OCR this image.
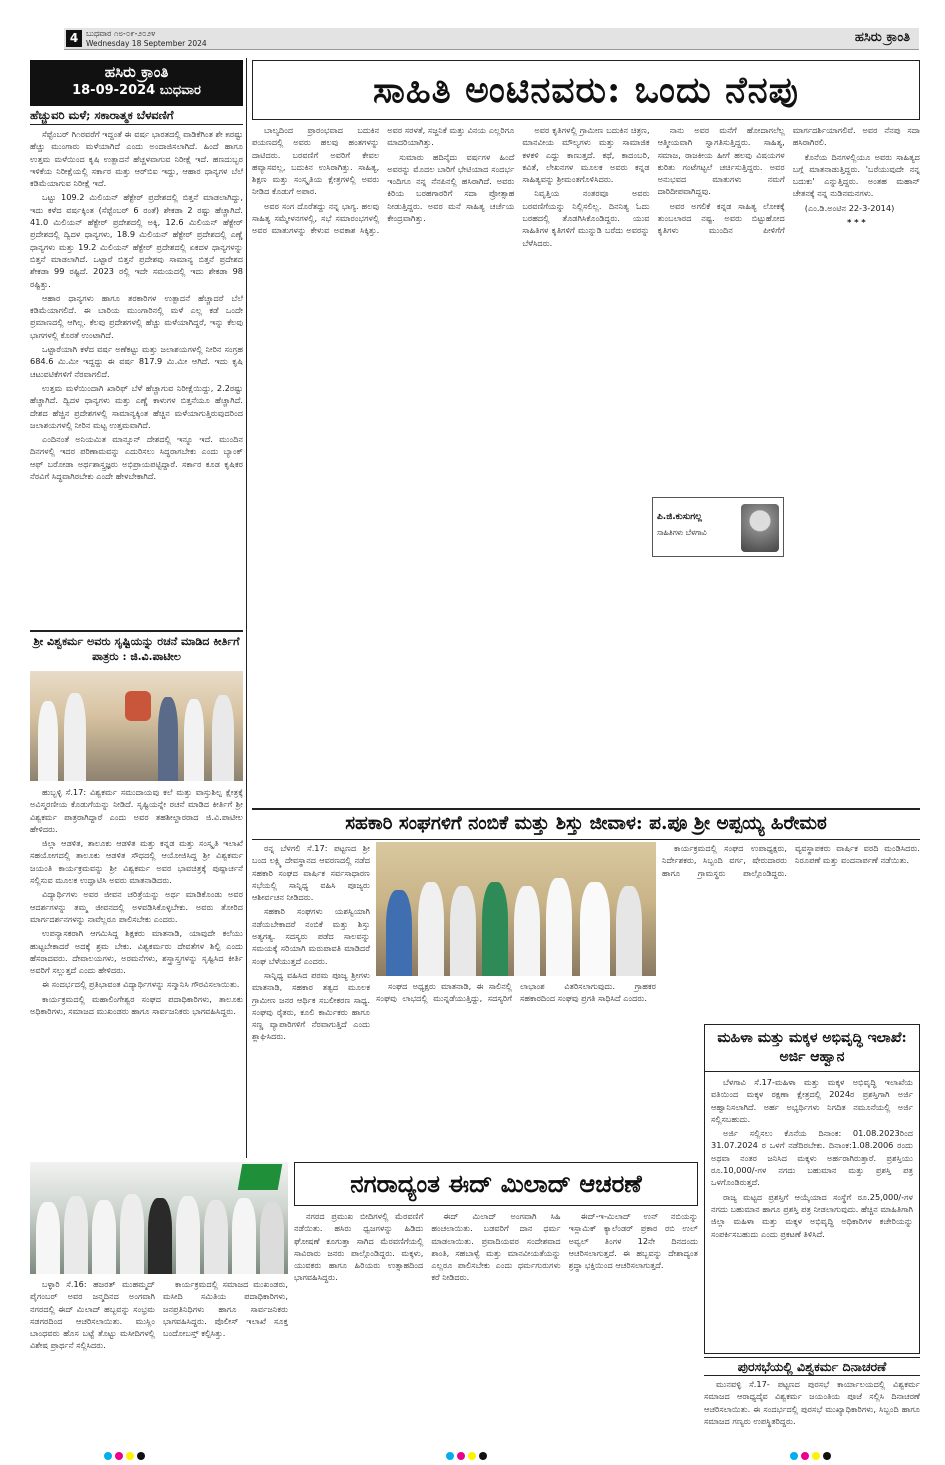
4 ಬುಧವಾರ ೧೮-೦೯-೨೦೨೪
Wednesday 18 September 2024	ಹಸಿರು ಕ್ರಾಂತಿ
ಹಸಿರು ಕ್ರಾಂತಿ
18-09-2024 ಬುಧವಾರ
ಹೆಚ್ಚುವರಿ ಮಳೆ; ಸಕಾರಾತ್ಮಕ ಬೆಳವಣಿಗೆ

ಸೆಪ್ಟೆಂಬರ್ ಗಿ೧ರವರೆಗೆ ಇದ್ದಂತೆ ಈ ವರ್ಷ ಭಾರತದಲ್ಲಿ ವಾಡಿಕೆಗಿಂತ ಶೇ ೫ರಷ್ಟು ಹೆಚ್ಚು ಮುಂಗಾರು ಮಳೆಯಾಗಿದೆ ಎಂದು ಅಂದಾಜಿಸಲಾಗಿದೆ. ಹಿಂದೆ ಹಾಗೂ ಉತ್ತಮ ಮಳೆಯಿಂದ ಕೃಷಿ ಉತ್ಪಾದನೆ ಹೆಚ್ಚಳವಾಗುವ ನಿರೀಕ್ಷೆ ಇದೆ. ಹಣದುಬ್ಬರ ಇಳಿಕೆಯ ನಿರೀಕ್ಷೆಯಲ್ಲಿ ಸರ್ಕಾರ ಮತ್ತು ಆರ್‌ಬಿಐ ಇದ್ದು, ಆಹಾರ ಧಾನ್ಯಗಳ ಬೆಲೆ ಕಡಿಮೆಯಾಗುವ ನಿರೀಕ್ಷೆ ಇದೆ.

ಒಟ್ಟು 109.2 ಮಿಲಿಯನ್ ಹೆಕ್ಟೇರ್ ಪ್ರದೇಶದಲ್ಲಿ ಬಿತ್ತನೆ ಮಾಡಲಾಗಿದ್ದು, ಇದು ಕಳೆದ ವರ್ಷಕ್ಕಿಂತ (ಸೆಪ್ಟೆಂಬರ್ 6 ರಂತೆ) ಶೇಕಡಾ 2 ರಷ್ಟು ಹೆಚ್ಚಾಗಿದೆ. 41.0 ಮಿಲಿಯನ್ ಹೆಕ್ಟೇರ್ ಪ್ರದೇಶದಲ್ಲಿ ಅಕ್ಕಿ, 12.6 ಮಿಲಿಯನ್ ಹೆಕ್ಟೇರ್ ಪ್ರದೇಶದಲ್ಲಿ ದ್ವಿದಳ ಧಾನ್ಯಗಳು, 18.9 ಮಿಲಿಯನ್ ಹೆಕ್ಟೇರ್ ಪ್ರದೇಶದಲ್ಲಿ ಎಣ್ಣೆ ಧಾನ್ಯಗಳು ಮತ್ತು 19.2 ಮಿಲಿಯನ್ ಹೆಕ್ಟೇರ್ ಪ್ರದೇಶದಲ್ಲಿ ಏಕದಳ ಧಾನ್ಯಗಳನ್ನು ಬಿತ್ತನೆ ಮಾಡಲಾಗಿದೆ. ಒಟ್ಟಾರೆ ಬಿತ್ತನೆ ಪ್ರದೇಶವು ಸಾಮಾನ್ಯ ಬಿತ್ತನೆ ಪ್ರದೇಶದ ಶೇಕಡಾ 99 ರಷ್ಟಿದೆ. 2023 ರಲ್ಲಿ ಇದೇ ಸಮಯದಲ್ಲಿ ಇದು ಶೇಕಡಾ 98 ರಷ್ಟಿತ್ತು.

ಆಹಾರ ಧಾನ್ಯಗಳು ಹಾಗೂ ತರಕಾರಿಗಳ ಉತ್ಪಾದನೆ ಹೆಚ್ಚಾದರೆ ಬೆಲೆ ಕಡಿಮೆಯಾಗಲಿದೆ. ಈ ಬಾರಿಯ ಮುಂಗಾರಿನಲ್ಲಿ ಮಳೆ ಎಲ್ಲ ಕಡೆ ಒಂದೇ ಪ್ರಮಾಣದಲ್ಲಿ ಆಗಿಲ್ಲ. ಕೆಲವು ಪ್ರದೇಶಗಳಲ್ಲಿ ಹೆಚ್ಚು ಮಳೆಯಾಗಿದ್ದರೆ, ಇನ್ನು ಕೆಲವು ಭಾಗಗಳಲ್ಲಿ ಕೊರತೆ ಉಂಟಾಗಿದೆ.

ಒಟ್ಟಾರೆಯಾಗಿ ಕಳೆದ ವರ್ಷ ಅಣೆಕಟ್ಟು ಮತ್ತು ಜಲಾಶಯಗಳಲ್ಲಿ ನೀರಿನ ಸಂಗ್ರಹ 684.6 ಮಿ.ಮೀ ಇದ್ದದ್ದು ಈ ವರ್ಷ 817.9 ಮಿ.ಮೀ ಆಗಿದೆ. ಇದು ಕೃಷಿ ಚಟುವಟಿಕೆಗಳಿಗೆ ನೆರವಾಗಲಿದೆ.

ಉತ್ತಮ ಮಳೆಯಿಂದಾಗಿ ಖಾರಿಫ್ ಬೆಳೆ ಹೆಚ್ಚಾಗುವ ನಿರೀಕ್ಷೆಯಿದ್ದು, 2.2ರಷ್ಟು ಹೆಚ್ಚಾಗಿದೆ. ದ್ವಿದಳ ಧಾನ್ಯಗಳು ಮತ್ತು ಎಣ್ಣೆ ಕಾಳುಗಳ ಬಿತ್ತನೆಯೂ ಹೆಚ್ಚಾಗಿದೆ. ದೇಶದ ಹೆಚ್ಚಿನ ಪ್ರದೇಶಗಳಲ್ಲಿ ಸಾಮಾನ್ಯಕ್ಕಿಂತ ಹೆಚ್ಚಿನ ಮಳೆಯಾಗುತ್ತಿರುವುದರಿಂದ ಜಲಾಶಯಗಳಲ್ಲಿ ನೀರಿನ ಮಟ್ಟ ಉತ್ತಮವಾಗಿದೆ.

ಎಂದಿನಂತೆ ಅನಿಯಮಿತ ಮಾನ್ಸೂನ್ ದೇಶದಲ್ಲಿ ಇನ್ನೂ ಇದೆ. ಮುಂದಿನ ದಿನಗಳಲ್ಲಿ ಇದರ ಪರಿಣಾಮವನ್ನು ಎದುರಿಸಲು ಸಿದ್ಧರಾಗಬೇಕು ಎಂದು ಬ್ಯಾಂಕ್ ಆಫ್ ಬರೋಡಾ ಅರ್ಥಶಾಸ್ತ್ರಜ್ಞರು ಅಭಿಪ್ರಾಯಪಟ್ಟಿದ್ದಾರೆ. ಸರ್ಕಾರ ಕೂಡ ಕೃಷಿಕರ ನೆರವಿಗೆ ಸಿದ್ಧವಾಗಿರಬೇಕು ಎಂದೇ ಹೇಳಬೇಕಾಗಿದೆ.

ಶ್ರೀ ವಿಶ್ವಕರ್ಮ ಅವರು ಸೃಷ್ಟಿಯನ್ನು ರಚನೆ ಮಾಡಿದ ಕೀರ್ತಿಗೆ ಪಾತ್ರರು : ಜಿ.ವಿ.ಪಾಟೀಲ

ಹುಬ್ಬಳ್ಳಿ ಸೆ.17: ವಿಶ್ವಕರ್ಮ ಸಮುದಾಯವು ಕಲೆ ಮತ್ತು ವಾಸ್ತುಶಿಲ್ಪ ಕ್ಷೇತ್ರಕ್ಕೆ ಅವಿಸ್ಮರಣೀಯ ಕೊಡುಗೆಯನ್ನು ನೀಡಿದೆ. ಸೃಷ್ಟಿಯನ್ನೇ ರಚನೆ ಮಾಡಿದ ಕೀರ್ತಿಗೆ ಶ್ರೀ ವಿಶ್ವಕರ್ಮ ಪಾತ್ರರಾಗಿದ್ದಾರೆ ಎಂದು ಅವರ ತಹಶೀಲ್ದಾರರಾದ ಜಿ.ವಿ.ಪಾಟೀಲ ಹೇಳಿದರು.

ಜಿಲ್ಲಾ ಆಡಳಿತ, ತಾಲೂಕು ಆಡಳಿತ ಮತ್ತು ಕನ್ನಡ ಮತ್ತು ಸಂಸ್ಕೃತಿ ಇಲಾಖೆ ಸಹಯೋಗದಲ್ಲಿ ತಾಲೂಕು ಆಡಳಿತ ಸೌಧದಲ್ಲಿ ಆಯೋಜಿಸಿದ್ದ ಶ್ರೀ ವಿಶ್ವಕರ್ಮ ಜಯಂತಿ ಕಾರ್ಯಕ್ರಮವನ್ನು ಶ್ರೀ ವಿಶ್ವಕರ್ಮ ಅವರ ಭಾವಚಿತ್ರಕ್ಕೆ ಪುಷ್ಪಾರ್ಚನೆ ಸಲ್ಲಿಸುವ ಮೂಲಕ ಉದ್ಘಾಟಿಸಿ ಅವರು ಮಾತನಾಡಿದರು.

ವಿದ್ಯಾರ್ಥಿಗಳು ಅವರ ಜೀವನ ಚರಿತ್ರೆಯನ್ನು ಅರ್ಥ ಮಾಡಿಕೊಂಡು ಅವರ ಆದರ್ಶಗಳನ್ನು ತಮ್ಮ ಜೀವನದಲ್ಲಿ ಅಳವಡಿಸಿಕೊಳ್ಳಬೇಕು. ಅವರು ತೋರಿದ ಮಾರ್ಗದರ್ಶನಗಳನ್ನು ನಾವೆಲ್ಲರೂ ಪಾಲಿಸಬೇಕು ಎಂದರು.

ಉಪನ್ಯಾಸಕರಾಗಿ ಆಗಮಿಸಿದ್ದ ಶಿಕ್ಷಕರು ಮಾತನಾಡಿ, ಯಾವುದೇ ಕಲೆಯು ಹುಟ್ಟಬೇಕಾದರೆ ಅದಕ್ಕೆ ಶ್ರಮ ಬೇಕು. ವಿಶ್ವಕರ್ಮರು ದೇವತೆಗಳ ಶಿಲ್ಪಿ ಎಂದು ಹೆಸರಾದವರು. ದೇವಾಲಯಗಳು, ಅರಮನೆಗಳು, ಶಸ್ತ್ರಾಸ್ತ್ರಗಳನ್ನು ಸೃಷ್ಟಿಸಿದ ಕೀರ್ತಿ ಅವರಿಗೆ ಸಲ್ಲುತ್ತದೆ ಎಂದು ಹೇಳಿದರು.

ಈ ಸಂದರ್ಭದಲ್ಲಿ ಪ್ರತಿಭಾವಂತ ವಿದ್ಯಾರ್ಥಿಗಳನ್ನು ಸನ್ಮಾನಿಸಿ ಗೌರವಿಸಲಾಯಿತು.

ಕಾರ್ಯಕ್ರಮದಲ್ಲಿ ಮಹಾಲಿಂಗೇಶ್ವರ ಸಂಘದ ಪದಾಧಿಕಾರಿಗಳು, ತಾಲೂಕು ಅಧಿಕಾರಿಗಳು, ಸಮಾಜದ ಮುಖಂಡರು ಹಾಗೂ ಸಾರ್ವಜನಿಕರು ಭಾಗವಹಿಸಿದ್ದರು.

ಸಾಹಿತಿ ಅಂಟಿನವರು: ಒಂದು ನೆನಪು

ಬಾಲ್ಯದಿಂದ ಪ್ರಾರಂಭವಾದ ಬದುಕಿನ ಪಯಣದಲ್ಲಿ ಅವರು ಹಲವು ಹಂತಗಳನ್ನು ದಾಟಿದರು. ಬರವಣಿಗೆ ಅವರಿಗೆ ಕೇವಲ ಹವ್ಯಾಸವಲ್ಲ, ಬದುಕಿನ ಉಸಿರಾಗಿತ್ತು. ಸಾಹಿತ್ಯ, ಶಿಕ್ಷಣ ಮತ್ತು ಸಂಸ್ಕೃತಿಯ ಕ್ಷೇತ್ರಗಳಲ್ಲಿ ಅವರು ನೀಡಿದ ಕೊಡುಗೆ ಅಪಾರ.

ಅವರ ಸಂಗ ದೊರೆತದ್ದು ನನ್ನ ಭಾಗ್ಯ. ಹಲವು ಸಾಹಿತ್ಯ ಸಮ್ಮೇಳನಗಳಲ್ಲಿ, ಸಭೆ ಸಮಾರಂಭಗಳಲ್ಲಿ ಅವರ ಮಾತುಗಳನ್ನು ಕೇಳುವ ಅವಕಾಶ ಸಿಕ್ಕಿತ್ತು. ಅವರ ಸರಳತೆ, ಸಜ್ಜನಿಕೆ ಮತ್ತು ವಿನಯ ಎಲ್ಲರಿಗೂ ಮಾದರಿಯಾಗಿತ್ತು.

ಸುಮಾರು ಹದಿನೈದು ವರ್ಷಗಳ ಹಿಂದೆ ಅವರನ್ನು ಮೊದಲ ಬಾರಿಗೆ ಭೇಟಿಯಾದ ಸಂದರ್ಭ ಇಂದಿಗೂ ನನ್ನ ನೆನಪಿನಲ್ಲಿ ಹಸಿರಾಗಿದೆ. ಅವರು ಕಿರಿಯ ಬರಹಗಾರರಿಗೆ ಸದಾ ಪ್ರೋತ್ಸಾಹ ನೀಡುತ್ತಿದ್ದರು. ಅವರ ಮನೆ ಸಾಹಿತ್ಯ ಚರ್ಚೆಯ ಕೇಂದ್ರವಾಗಿತ್ತು.

ಅವರ ಕೃತಿಗಳಲ್ಲಿ ಗ್ರಾಮೀಣ ಬದುಕಿನ ಚಿತ್ರಣ, ಮಾನವೀಯ ಮೌಲ್ಯಗಳು ಮತ್ತು ಸಾಮಾಜಿಕ ಕಳಕಳಿ ಎದ್ದು ಕಾಣುತ್ತದೆ. ಕಥೆ, ಕಾದಂಬರಿ, ಕವಿತೆ, ಲೇಖನಗಳ ಮೂಲಕ ಅವರು ಕನ್ನಡ ಸಾಹಿತ್ಯವನ್ನು ಶ್ರೀಮಂತಗೊಳಿಸಿದರು.

ನಿವೃತ್ತಿಯ ನಂತರವೂ ಅವರು ಬರವಣಿಗೆಯನ್ನು ನಿಲ್ಲಿಸಲಿಲ್ಲ. ದಿನನಿತ್ಯ ಓದು ಬರಹದಲ್ಲಿ ತೊಡಗಿಸಿಕೊಂಡಿದ್ದರು. ಯುವ ಸಾಹಿತಿಗಳ ಕೃತಿಗಳಿಗೆ ಮುನ್ನುಡಿ ಬರೆದು ಅವರನ್ನು ಬೆಳೆಸಿದರು.

ನಾನು ಅವರ ಮನೆಗೆ ಹೋದಾಗಲೆಲ್ಲ ಆತ್ಮೀಯವಾಗಿ ಸ್ವಾಗತಿಸುತ್ತಿದ್ದರು. ಸಾಹಿತ್ಯ, ಸಮಾಜ, ರಾಜಕೀಯ ಹೀಗೆ ಹಲವು ವಿಷಯಗಳ ಕುರಿತು ಗಂಟೆಗಟ್ಟಲೆ ಚರ್ಚಿಸುತ್ತಿದ್ದರು. ಅವರ ಅನುಭವದ ಮಾತುಗಳು ನಮಗೆ ದಾರಿದೀಪವಾಗಿದ್ದವು.

ಅವರ ಅಗಲಿಕೆ ಕನ್ನಡ ಸಾಹಿತ್ಯ ಲೋಕಕ್ಕೆ ತುಂಬಲಾರದ ನಷ್ಟ. ಅವರು ಬಿಟ್ಟುಹೋದ ಕೃತಿಗಳು ಮುಂದಿನ ಪೀಳಿಗೆಗೆ ಮಾರ್ಗದರ್ಶಿಯಾಗಲಿವೆ. ಅವರ ನೆನಪು ಸದಾ ಹಸಿರಾಗಿರಲಿ.

ಕೊನೆಯ ದಿನಗಳಲ್ಲಿಯೂ ಅವರು ಸಾಹಿತ್ಯದ ಬಗ್ಗೆ ಮಾತನಾಡುತ್ತಿದ್ದರು. 'ಬರೆಯುವುದೇ ನನ್ನ ಬದುಕು' ಎನ್ನುತ್ತಿದ್ದರು. ಅಂತಹ ಮಹಾನ್ ಚೇತನಕ್ಕೆ ನನ್ನ ನುಡಿನಮನಗಳು.

(ಎಂ.ಡಿ.ಅಂಟಿನ 22-3-2014)

* * *
ಪಿ.ಜಿ.ಕುಸುಗಲ್ಲ
ಸಾಹಿತಿಗಳು ಬೆಳಗಾವಿ
ಸಹಕಾರಿ ಸಂಘಗಳಿಗೆ ನಂಬಿಕೆ ಮತ್ತು ಶಿಸ್ತು ಜೀವಾಳ: ಪ.ಪೂ ಶ್ರೀ ಅಪ್ಪಯ್ಯ ಹಿರೇಮಠ

ರನ್ನ ಬೆಳಗಲಿ ಸೆ.17: ಪಟ್ಟಣದ ಶ್ರೀ ಬಂದ ಲಕ್ಷ್ಮಿ ದೇವಸ್ಥಾನದ ಆವರಣದಲ್ಲಿ ನಡೆದ ಸಹಕಾರಿ ಸಂಘದ ವಾರ್ಷಿಕ ಸರ್ವಸಾಧಾರಣ ಸಭೆಯಲ್ಲಿ ಸಾನ್ನಿಧ್ಯ ವಹಿಸಿ ಪೂಜ್ಯರು ಆಶೀರ್ವಚನ ನೀಡಿದರು.

ಸಹಕಾರಿ ಸಂಘಗಳು ಯಶಸ್ವಿಯಾಗಿ ನಡೆಯಬೇಕಾದರೆ ನಂಬಿಕೆ ಮತ್ತು ಶಿಸ್ತು ಅತ್ಯಗತ್ಯ. ಸದಸ್ಯರು ಪಡೆದ ಸಾಲವನ್ನು ಸಮಯಕ್ಕೆ ಸರಿಯಾಗಿ ಮರುಪಾವತಿ ಮಾಡಿದರೆ ಸಂಘ ಬೆಳೆಯುತ್ತದೆ ಎಂದರು.

ಸಾನ್ನಿಧ್ಯ ವಹಿಸಿದ ಪರಮ ಪೂಜ್ಯ ಶ್ರೀಗಳು ಮಾತನಾಡಿ, ಸಹಕಾರ ತತ್ವದ ಮೂಲಕ ಗ್ರಾಮೀಣ ಜನರ ಆರ್ಥಿಕ ಸಬಲೀಕರಣ ಸಾಧ್ಯ. ಸಂಘವು ರೈತರು, ಕೂಲಿ ಕಾರ್ಮಿಕರು ಹಾಗೂ ಸಣ್ಣ ವ್ಯಾಪಾರಿಗಳಿಗೆ ನೆರವಾಗುತ್ತಿದೆ ಎಂದು ಶ್ಲಾಘಿಸಿದರು.

ಸಂಘದ ಅಧ್ಯಕ್ಷರು ಮಾತನಾಡಿ, ಈ ಸಾಲಿನಲ್ಲಿ ಸಂಘವು ಲಾಭದಲ್ಲಿ ಮುನ್ನಡೆಯುತ್ತಿದ್ದು, ಸದಸ್ಯರಿಗೆ ಲಾಭಾಂಶ ವಿತರಿಸಲಾಗುವುದು. ಗ್ರಾಹಕರ ಸಹಕಾರದಿಂದ ಸಂಘವು ಪ್ರಗತಿ ಸಾಧಿಸಿದೆ ಎಂದರು.

ಕಾರ್ಯಕ್ರಮದಲ್ಲಿ ಸಂಘದ ಉಪಾಧ್ಯಕ್ಷರು, ನಿರ್ದೇಶಕರು, ಸಿಬ್ಬಂದಿ ವರ್ಗ, ಷೇರುದಾರರು ಹಾಗೂ ಗ್ರಾಮಸ್ಥರು ಪಾಲ್ಗೊಂಡಿದ್ದರು. ವ್ಯವಸ್ಥಾಪಕರು ವಾರ್ಷಿಕ ವರದಿ ಮಂಡಿಸಿದರು. ನಿರೂಪಣೆ ಮತ್ತು ವಂದನಾರ್ಪಣೆ ನಡೆಯಿತು.

ಮಹಿಳಾ ಮತ್ತು ಮಕ್ಕಳ ಅಭಿವೃದ್ಧಿ ಇಲಾಖೆ: ಅರ್ಜಿ ಆಹ್ವಾನ

ಬೆಳಗಾವಿ ಸೆ.17-ಮಹಿಳಾ ಮತ್ತು ಮಕ್ಕಳ ಅಭಿವೃದ್ಧಿ ಇಲಾಖೆಯ ವತಿಯಿಂದ ಮಕ್ಕಳ ರಕ್ಷಣಾ ಕ್ಷೇತ್ರದಲ್ಲಿ 2024ರ ಪ್ರಶಸ್ತಿಗಾಗಿ ಅರ್ಜಿ ಆಹ್ವಾನಿಸಲಾಗಿದೆ. ಅರ್ಹ ಅಭ್ಯರ್ಥಿಗಳು ನಿಗದಿತ ನಮೂನೆಯಲ್ಲಿ ಅರ್ಜಿ ಸಲ್ಲಿಸಬಹುದು.

ಅರ್ಜಿ ಸಲ್ಲಿಸಲು ಕೊನೆಯ ದಿನಾಂಕ: 01.08.2023ರಿಂದ 31.07.2024 ರ ಒಳಗೆ ನಡೆದಿರಬೇಕು. ದಿನಾಂಕ:1.08.2006 ರಂದು ಅಥವಾ ನಂತರ ಜನಿಸಿದ ಮಕ್ಕಳು ಅರ್ಹರಾಗಿರುತ್ತಾರೆ. ಪ್ರಶಸ್ತಿಯು ರೂ.10,000/-ಗಳ ನಗದು ಬಹುಮಾನ ಮತ್ತು ಪ್ರಶಸ್ತಿ ಪತ್ರ ಒಳಗೊಂಡಿರುತ್ತದೆ.

ರಾಜ್ಯ ಮಟ್ಟದ ಪ್ರಶಸ್ತಿಗೆ ಆಯ್ಕೆಯಾದ ಸಂಸ್ಥೆಗೆ ರೂ.25,000/-ಗಳ ನಗದು ಬಹುಮಾನ ಹಾಗೂ ಪ್ರಶಸ್ತಿ ಪತ್ರ ನೀಡಲಾಗುವುದು. ಹೆಚ್ಚಿನ ಮಾಹಿತಿಗಾಗಿ ಜಿಲ್ಲಾ ಮಹಿಳಾ ಮತ್ತು ಮಕ್ಕಳ ಅಭಿವೃದ್ಧಿ ಅಧಿಕಾರಿಗಳ ಕಚೇರಿಯನ್ನು ಸಂಪರ್ಕಿಸಬಹುದು ಎಂದು ಪ್ರಕಟಣೆ ತಿಳಿಸಿದೆ.

ಪುರಸಭೆಯಲ್ಲಿ ವಿಶ್ವಕರ್ಮ ದಿನಾಚರಣೆ

ಮುನವಳ್ಳಿ ಸೆ.17- ಪಟ್ಟಣದ ಪುರಸಭೆ ಕಾರ್ಯಾಲಯದಲ್ಲಿ ವಿಶ್ವಕರ್ಮ ಸಮಾಜದ ಆರಾಧ್ಯದೈವ ವಿಶ್ವಕರ್ಮ ಜಯಂತಿಯ ಪೂಜೆ ಸಲ್ಲಿಸಿ ದಿನಾಚರಣೆ ಆಚರಿಸಲಾಯಿತು. ಈ ಸಂದರ್ಭದಲ್ಲಿ ಪುರಸಭೆ ಮುಖ್ಯಾಧಿಕಾರಿಗಳು, ಸಿಬ್ಬಂದಿ ಹಾಗೂ ಸಮಾಜದ ಗಣ್ಯರು ಉಪಸ್ಥಿತರಿದ್ದರು.

ನಗರಾದ್ಯಂತ ಈದ್ ಮಿಲಾದ್ ಆಚರಣೆ

ಬಳ್ಳಾರಿ ಸೆ.16: ಹಜರತ್ ಮುಹಮ್ಮದ್ ಪೈಗಂಬರ್ ಅವರ ಜನ್ಮದಿನದ ಅಂಗವಾಗಿ ನಗರದಲ್ಲಿ ಈದ್ ಮಿಲಾದ್ ಹಬ್ಬವನ್ನು ಸಂಭ್ರಮ ಸಡಗರದಿಂದ ಆಚರಿಸಲಾಯಿತು. ಮುಸ್ಲಿಂ ಬಾಂಧವರು ಹೊಸ ಬಟ್ಟೆ ತೊಟ್ಟು ಮಸೀದಿಗಳಲ್ಲಿ ವಿಶೇಷ ಪ್ರಾರ್ಥನೆ ಸಲ್ಲಿಸಿದರು.

ಕಾರ್ಯಕ್ರಮದಲ್ಲಿ ಸಮಾಜದ ಮುಖಂಡರು, ಮಸೀದಿ ಸಮಿತಿಯ ಪದಾಧಿಕಾರಿಗಳು, ಜನಪ್ರತಿನಿಧಿಗಳು ಹಾಗೂ ಸಾರ್ವಜನಿಕರು ಭಾಗವಹಿಸಿದ್ದರು. ಪೊಲೀಸ್ ಇಲಾಖೆ ಸೂಕ್ತ ಬಂದೋಬಸ್ತ್ ಕಲ್ಪಿಸಿತ್ತು.

ನಗರದ ಪ್ರಮುಖ ಬೀದಿಗಳಲ್ಲಿ ಮೆರವಣಿಗೆ ನಡೆಯಿತು. ಹಸಿರು ಧ್ವಜಗಳನ್ನು ಹಿಡಿದು ಘೋಷಣೆ ಕೂಗುತ್ತಾ ಸಾಗಿದ ಮೆರವಣಿಗೆಯಲ್ಲಿ ಸಾವಿರಾರು ಜನರು ಪಾಲ್ಗೊಂಡಿದ್ದರು. ಮಕ್ಕಳು, ಯುವಕರು ಹಾಗೂ ಹಿರಿಯರು ಉತ್ಸಾಹದಿಂದ ಭಾಗವಹಿಸಿದ್ದರು.

ಈದ್ ಮಿಲಾದ್ ಅಂಗವಾಗಿ ಸಿಹಿ ಹಂಚಲಾಯಿತು. ಬಡವರಿಗೆ ದಾನ ಧರ್ಮ ಮಾಡಲಾಯಿತು. ಪ್ರವಾದಿಯವರ ಸಂದೇಶವಾದ ಶಾಂತಿ, ಸಹಬಾಳ್ವೆ ಮತ್ತು ಮಾನವೀಯತೆಯನ್ನು ಎಲ್ಲರೂ ಪಾಲಿಸಬೇಕು ಎಂದು ಧರ್ಮಗುರುಗಳು ಕರೆ ನೀಡಿದರು.

ಈದ್-ಇ-ಮಿಲಾದ್ ಉನ್ ನಬಿಯನ್ನು ಇಸ್ಲಾಮಿಕ್ ಕ್ಯಾಲೆಂಡರ್ ಪ್ರಕಾರ ರಬಿ ಉಲ್ ಅವ್ವಲ್ ತಿಂಗಳ 12ನೇ ದಿನದಂದು ಆಚರಿಸಲಾಗುತ್ತದೆ. ಈ ಹಬ್ಬವನ್ನು ದೇಶಾದ್ಯಂತ ಶ್ರದ್ಧಾ ಭಕ್ತಿಯಿಂದ ಆಚರಿಸಲಾಗುತ್ತದೆ.
